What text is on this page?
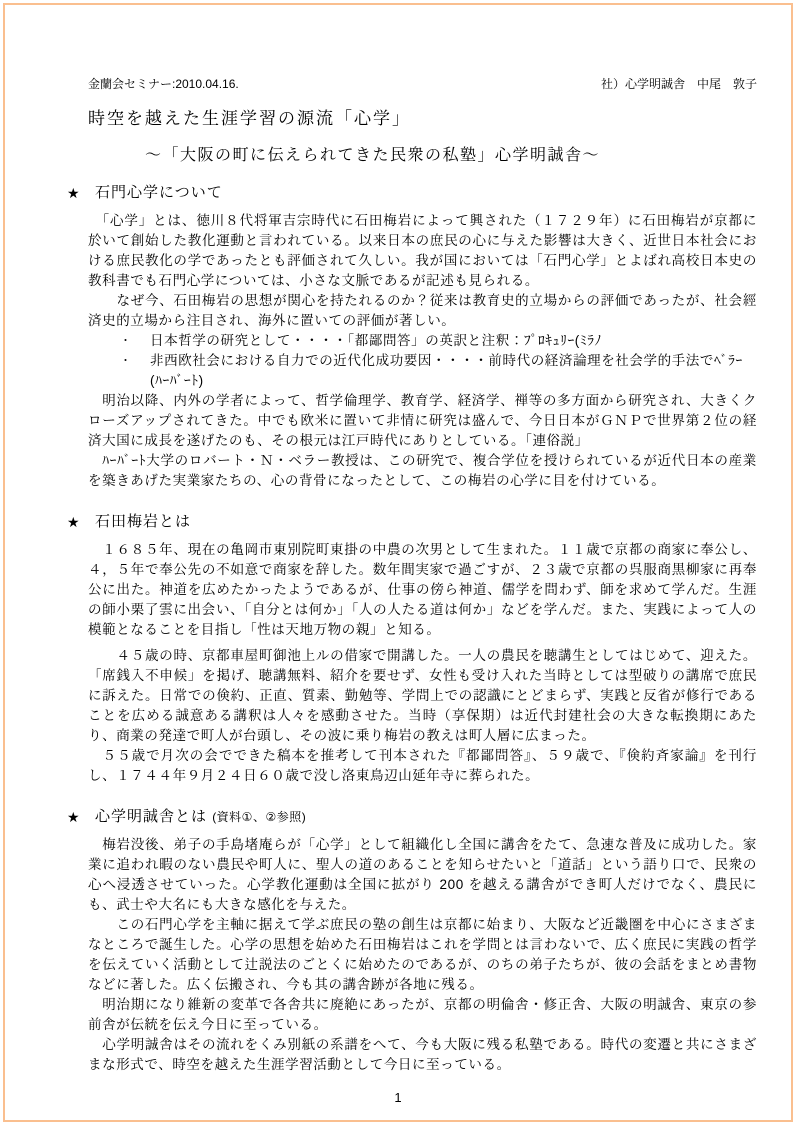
金蘭会セミナー:2010.04.16.	社）心学明誠舎　中尾　敦子
時空を越えた生涯学習の源流「心学」
～「大阪の町に伝えられてきた民衆の私塾」心学明誠舎～
★ 石門心学について

　「心学」とは、徳川８代将軍吉宗時代に石田梅岩によって興された（１７２９年）に石田梅岩が京都に於いて創始した教化運動と言われている。以来日本の庶民の心に与えた影響は大きく、近世日本社会における庶民教化の学であったとも評価されて久しい。我が国においては「石門心学」とよばれ高校日本史の教科書でも石門心学については、小さな文脈であるが記述も見られる。

　　なぜ今、石田梅岩の思想が関心を持たれるのか？従来は教育史的立場からの評価であったが、社会經済史的立場から注目され、海外に置いての評価が著しい。

・	日本哲学の研究として・・・・「都鄙問答」の英訳と注釈：ﾌﾟﾛｷｭﾘｰ(ﾐﾗﾉ
・	非西欧社会における自力での近代化成功要因・・・・前時代の経済論理を社会学的手法でﾍﾞﾗｰ (ﾊｰﾊﾞｰﾄ)

　明治以降、内外の学者によって、哲学倫理学、教育学、経済学、禅等の多方面から研究され、大きくクローズアップされてきた。中でも欧米に置いて非情に研究は盛んで、今日日本がＧＮＰで世界第２位の経済大国に成長を遂げたのも、その根元は江戸時代にありとしている。「連俗説」

　ﾊｰﾊﾞｰﾄ大学のロバート・Ｎ・ベラー教授は、この研究で、複合学位を授けられているが近代日本の産業を築きあげた実業家たちの、心の背骨になったとして、この梅岩の心学に目を付けている。

★ 石田梅岩とは

　１６８５年、現在の亀岡市東別院町東掛の中農の次男として生まれた。１１歳で京都の商家に奉公し、４，５年で奉公先の不如意で商家を辞した。数年間実家で過ごすが、２３歳で京都の呉服商黒柳家に再奉公に出た。神道を広めたかったようであるが、仕事の傍ら神道、儒学を問わず、師を求めて学んだ。生涯の師小栗了雲に出会い、「自分とは何か」「人の人たる道は何か」などを学んだ。また、実践によって人の模範となることを目指し「性は天地万物の親」と知る。

　　４５歳の時、京都車屋町御池上ルの借家で開講した。一人の農民を聴講生としてはじめて、迎えた。「席銭入不申候」を掲げ、聴講無料、紹介を要せず、女性も受け入れた当時としては型破りの講席で庶民に訴えた。日常での倹約、正直、質素、勤勉等、学問上での認識にとどまらず、実践と反省が修行であることを広める誠意ある講釈は人々を感動させた。当時（享保期）は近代封建社会の大きな転換期にあたり、商業の発達で町人が台頭し、その波に乗り梅岩の教えは町人層に広まった。

　５５歳で月次の会でできた稿本を推考して刊本された『都鄙問答』、５９歳で、『倹約斉家論』を刊行し、１７４４年９月２４日６０歳で没し洛東鳥辺山延年寺に葬られた。

★ 心学明誠舎とは (資料①、②参照)

　梅岩没後、弟子の手島堵庵らが「心学」として組織化し全国に講舎をたて、急速な普及に成功した。家業に追われ暇のない農民や町人に、聖人の道のあることを知らせたいと「道話」という語り口で、民衆の心へ浸透させていった。心学教化運動は全国に拡がり 200 を越える講舎ができ町人だけでなく、農民にも、武士や大名にも大きな感化を与えた。

　　この石門心学を主軸に据えて学ぶ庶民の塾の創生は京都に始まり、大阪など近畿圏を中心にさまざまなところで誕生した。心学の思想を始めた石田梅岩はこれを学問とは言わないで、広く庶民に実践の哲学を伝えていく活動として辻説法のごとくに始めたのであるが、のちの弟子たちが、彼の会話をまとめ書物などに著した。広く伝搬され、今も其の講舎跡が各地に残る。

　明治期になり維新の変革で各舎共に廃絶にあったが、京都の明倫舎・修正舎、大阪の明誠舎、東京の参前舎が伝統を伝え今日に至っている。

　心学明誠舎はその流れをくみ別紙の系譜をへて、今も大阪に残る私塾である。時代の変遷と共にさまざまな形式で、時空を越えた生涯学習活動として今日に至っている。

1
